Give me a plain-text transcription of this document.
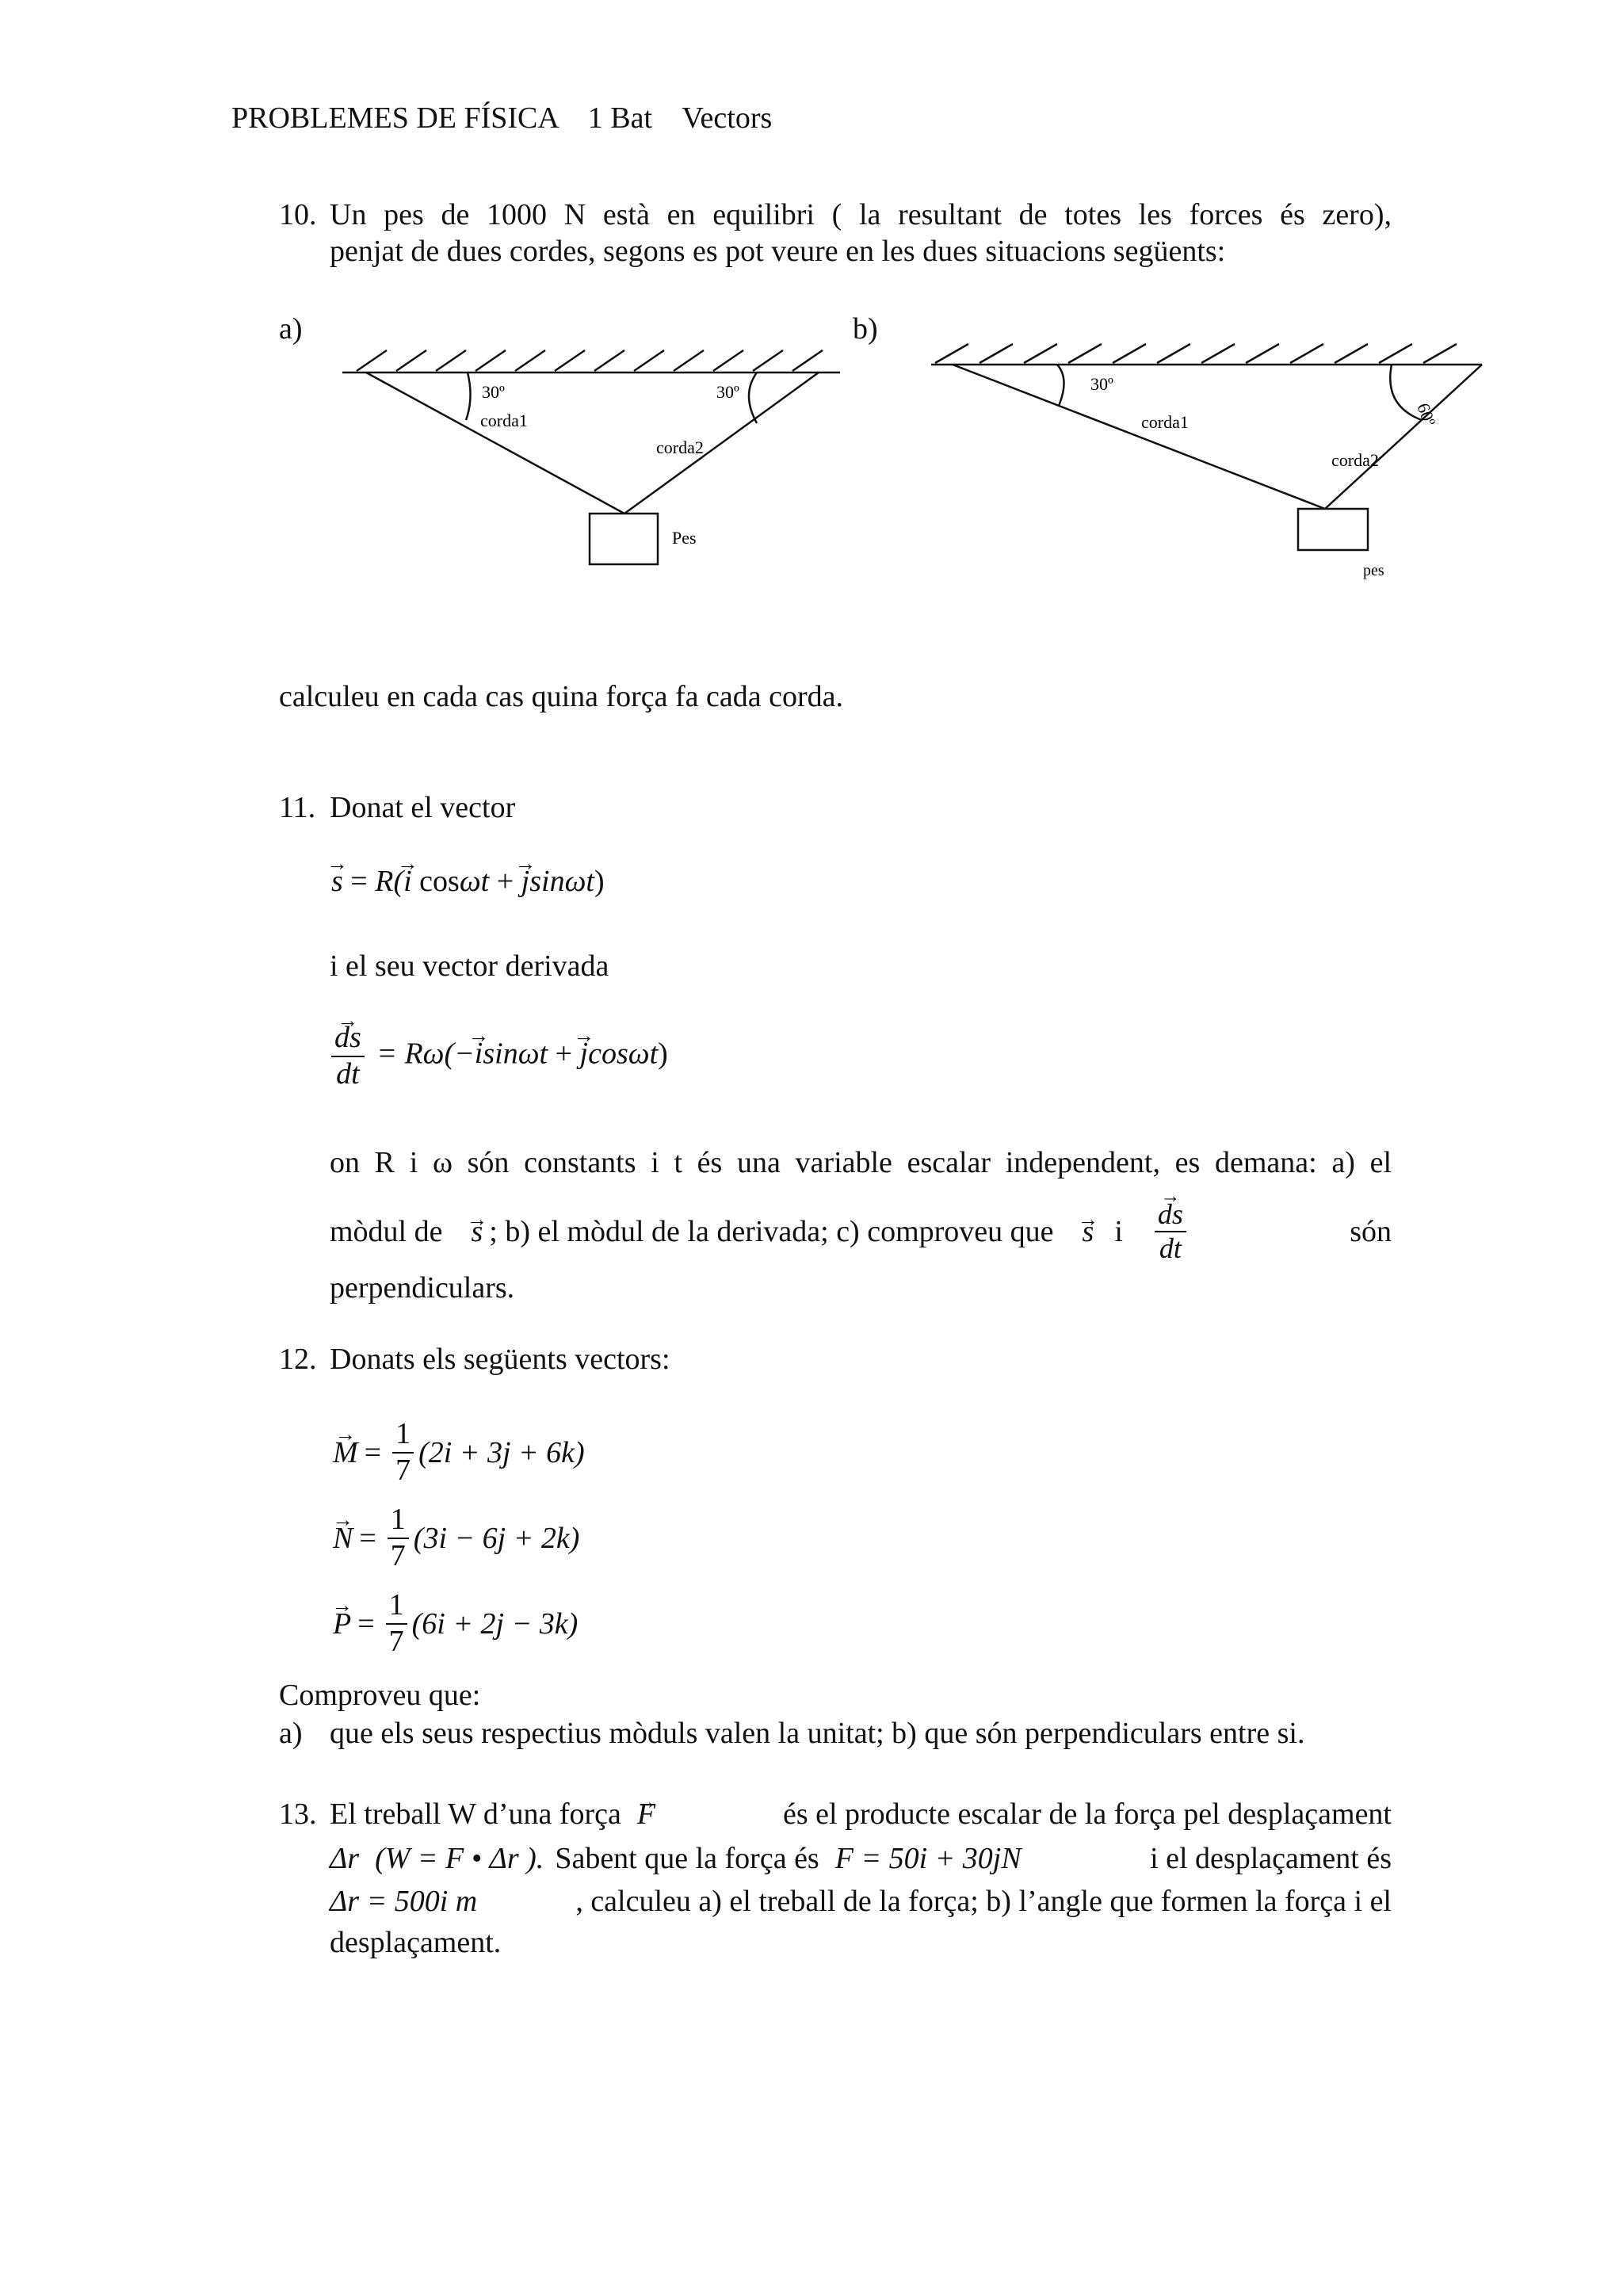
PROBLEMES DE FÍSICA    1 Bat    Vectors
10. Un pes de 1000 N està en equilibri ( la resultant de totes les forces és zero),
penjat de dues cordes, segons es pot veure en les dues situacions següents:
a)	b)
30º	30º
corda1
corda2
Pes
30º
60º
corda1
corda2
pes
calculeu en cada cas quina força fa cada corda.
11. Donat el vector
→ s = R(→ i cosωt + → jsinωt)
i el seu vector derivada
→ $\frac{ds}{dt} = R\omega(-\to isin\omega t$ + → jcosωt)
on R i ω són constants i t és una variable escalar independent, es demana: a) el
mòdul de
→ s ; b) el mòdul de la derivada; c) comproveu que
→ s i
→ $\frac{ds}{dt}$	són
perpendiculars.
12. Donats els següents vectors:
→ $M = \frac{1}{7} (2i + 3j + 6k)$
→ $N = \frac{1}{7} (3i - 6j + 2k)$
→ $P = \frac{1}{7} (6i + 2j - 3k)$
Comproveu que:
a) que els seus respectius mòduls valen la unitat; b) que són perpendiculars entre si.
13. El treball W d’una força
→ F	és el producte escalar de la força pel desplaçament
Δr (W = F • Δr ). Sabent que la força és F = 50i + 30jN	i el desplaçament és
Δr = 500i m	, calculeu a) el treball de la força; b) l’angle que formen la força i el
desplaçament.
